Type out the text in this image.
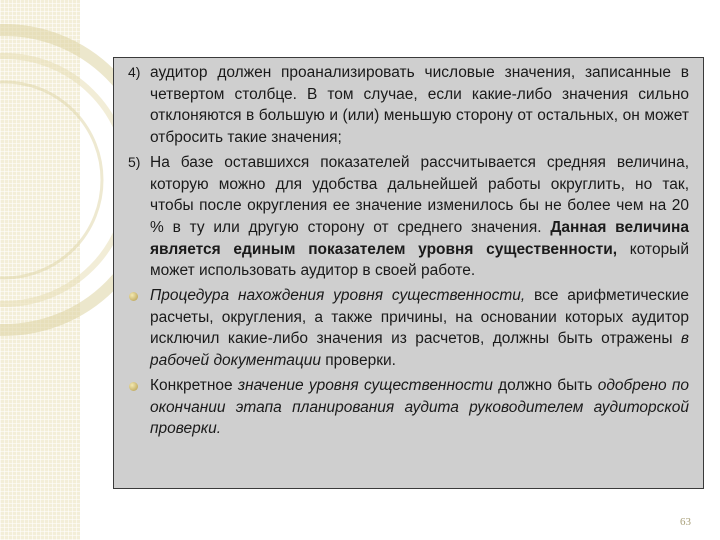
4) аудитор должен проанализировать числовые значения, записанные в четвертом столбце. В том случае, если какие-либо значения сильно отклоняются в большую и (или) меньшую сторону от остальных, он может отбросить такие значения;
5) На базе оставшихся показателей рассчитывается средняя величина, которую можно для удобства дальнейшей работы округлить, но так, чтобы после округления ее значение изменилось бы не более чем на 20 % в ту или другую сторону от среднего значения. Данная величина является единым показателем уровня существенности, который может использовать аудитор в своей работе.
Процедура нахождения уровня существенности, все арифметические расчеты, округления, а также причины, на основании которых аудитор исключил какие-либо значения из расчетов, должны быть отражены в рабочей документации проверки.
Конкретное значение уровня существенности должно быть одобрено по окончании этапа планирования аудита руководителем аудиторской проверки.
63
